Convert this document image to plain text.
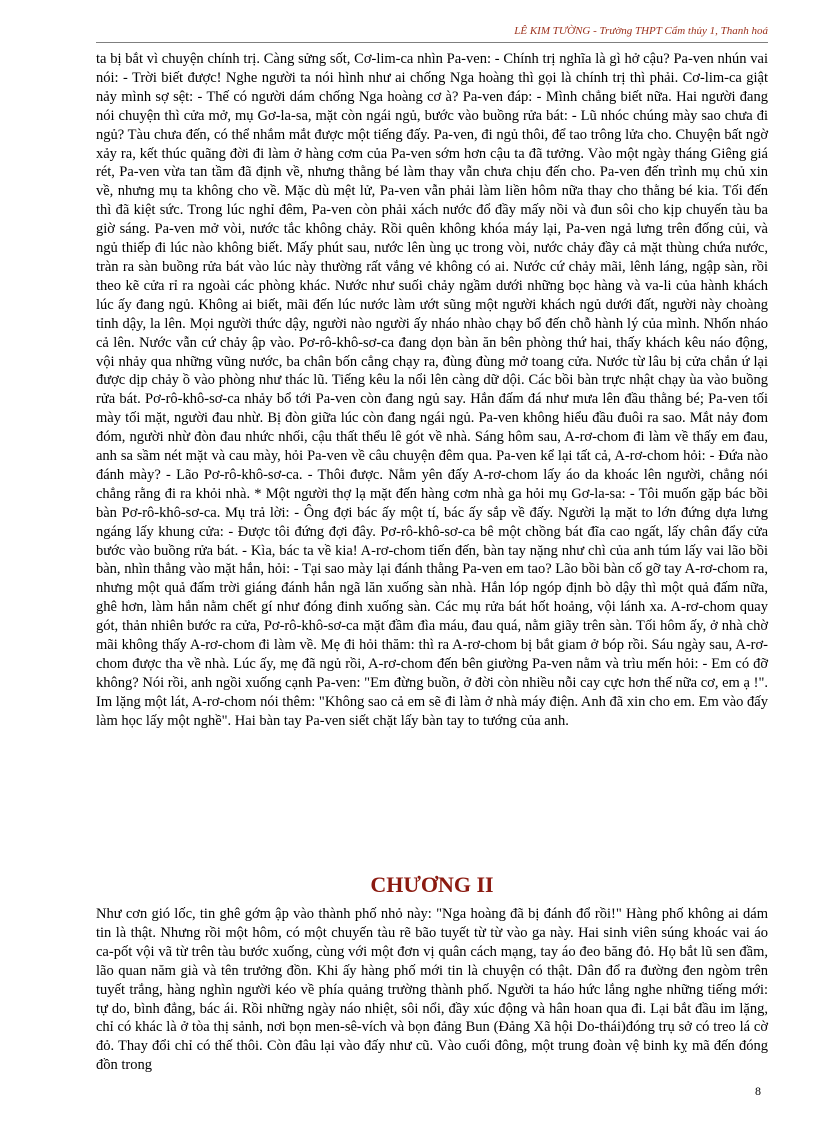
LÊ KIM TƯỜNG - Trường THPT Cẩm thủy 1, Thanh hoá

ta bị bắt vì chuyện chính trị. Càng sửng sốt, Cơ-lim-ca nhìn Pa-ven: - Chính trị nghĩa là gì hở cậu? Pa-ven nhún vai nói: - Trời biết được! Nghe người ta nói hình như ai chống Nga hoàng thì gọi là chính trị thì phải. Cơ-lim-ca giật nảy mình sợ sệt: - Thế có người dám chống Nga hoàng cơ à? Pa-ven đáp: - Mình chẳng biết nữa. Hai người đang nói chuyện thì cửa mở, mụ Gơ-la-sa, mặt còn ngái ngủ, bước vào buồng rửa bát: - Lũ nhóc chúng mày sao chưa đi ngủ? Tàu chưa đến, có thể nhắm mắt được một tiếng đấy. Pa-ven, đi ngủ thôi, để tao trông lửa cho. Chuyện bất ngờ xảy ra, kết thúc quãng đời đi làm ở hàng cơm của Pa-ven sớm hơn cậu ta đã tưởng. Vào một ngày tháng Giêng giá rét, Pa-ven vừa tan tầm đã định về, nhưng thằng bé làm thay vẫn chưa chịu đến cho. Pa-ven đến trình mụ chủ xin về, nhưng mụ ta không cho về. Mặc dù mệt lử, Pa-ven vẫn phải làm liền hôm nữa thay cho thằng bé kia. Tối đến thì đã kiệt sức. Trong lúc nghỉ đêm, Pa-ven còn phải xách nước đổ đầy mấy nồi và đun sôi cho kịp chuyến tàu ba giờ sáng. Pa-ven mở vòi, nước tắc không chảy. Rồi quên không khóa máy lại, Pa-ven ngả lưng trên đống củi, và ngủ thiếp đi lúc nào không biết. Mấy phút sau, nước lên ùng ục trong vòi, nước chảy đầy cả mặt thùng chứa nước, tràn ra sàn buồng rửa bát vào lúc này thường rất vắng vẻ không có ai. Nước cứ chảy mãi, lênh láng, ngập sàn, rồi theo kẽ cửa rỉ ra ngoài các phòng khác. Nước như suối chảy ngầm dưới những bọc hàng và va-li của hành khách lúc ấy đang ngủ. Không ai biết, mãi đến lúc nước làm ướt sũng một người khách ngủ dưới đất, người này choàng tỉnh dậy, la lên. Mọi người thức dậy, người nào người ấy nháo nhào chạy bổ đến chỗ hành lý của mình. Nhốn nháo cả lên. Nước vẫn cứ chảy ập vào. Pơ-rô-khô-sơ-ca đang dọn bàn ăn bên phòng thứ hai, thấy khách kêu náo động, vội nhảy qua những vũng nước, ba chân bốn cẳng chạy ra, đùng đùng mở toang cửa. Nước từ lâu bị cửa chắn ứ lại được dịp chảy ồ vào phòng như thác lũ. Tiếng kêu la nổi lên càng dữ dội. Các bồi bàn trực nhật chạy ùa vào buồng rửa bát. Pơ-rô-khô-sơ-ca nhảy bổ tới Pa-ven còn đang ngủ say. Hắn đấm đá như mưa lên đầu thằng bé; Pa-ven tối mày tối mặt, người đau nhừ. Bị đòn giữa lúc còn đang ngái ngủ. Pa-ven không hiểu đầu đuôi ra sao. Mắt nảy đom đóm, người nhừ đòn đau nhức nhối, cậu thất thểu lê gót về nhà. Sáng hôm sau, A-rơ-chom đi làm về thấy em đau, anh sa sầm nét mặt và cau mày, hỏi Pa-ven về câu chuyện đêm qua. Pa-ven kể lại tất cả, A-rơ-chom hỏi: - Đứa nào đánh mày? - Lão Pơ-rô-khô-sơ-ca. - Thôi được. Nằm yên đấy A-rơ-chom lấy áo da khoác lên người, chẳng nói chẳng rằng đi ra khỏi nhà. * Một người thợ lạ mặt đến hàng cơm nhà ga hỏi mụ Gơ-la-sa: - Tôi muốn gặp bác bồi bàn Pơ-rô-khô-sơ-ca. Mụ trả lời: - Ông đợi bác ấy một tí, bác ấy sắp về đấy. Người lạ mặt to lớn đứng dựa lưng ngáng lấy khung cửa: - Được tôi đứng đợi đây. Pơ-rô-khô-sơ-ca bê một chồng bát đĩa cao ngất, lấy chân đẩy cửa bước vào buồng rửa bát. - Kìa, bác ta về kia! A-rơ-chom tiến đến, bàn tay nặng như chì của anh túm lấy vai lão bồi bàn, nhìn thẳng vào mặt hắn, hỏi: - Tại sao mày lại đánh thằng Pa-ven em tao? Lão bồi bàn cố gỡ tay A-rơ-chom ra, nhưng một quả đấm trời giáng đánh hắn ngã lăn xuống sàn nhà. Hắn lóp ngóp định bò dậy thì một quả đấm nữa, ghê hơn, làm hắn nằm chết gí như đóng đinh xuống sàn. Các mụ rửa bát hốt hoảng, vội lánh xa. A-rơ-chom quay gót, thản nhiên bước ra cửa, Pơ-rô-khô-sơ-ca mặt đầm đìa máu, đau quá, nằm giãy trên sàn. Tối hôm ấy, ở nhà chờ mãi không thấy A-rơ-chom đi làm về. Mẹ đi hỏi thăm: thì ra A-rơ-chom bị bắt giam ở bóp rồi. Sáu ngày sau, A-rơ-chom được tha về nhà. Lúc ấy, mẹ đã ngủ rồi, A-rơ-chom đến bên giường Pa-ven nằm và trìu mến hỏi: - Em có đỡ không? Nói rồi, anh ngồi xuống cạnh Pa-ven: "Em đừng buồn, ở đời còn nhiều nỗi cay cực hơn thế nữa cơ, em ạ !". Im lặng một lát, A-rơ-chom nói thêm: "Không sao cả em sẽ đi làm ở nhà máy điện. Anh đã xin cho em. Em vào đấy làm học lấy một nghề". Hai bàn tay Pa-ven siết chặt lấy bàn tay to tướng của anh.

CHƯƠNG II

Như cơn gió lốc, tin ghê gớm ập vào thành phố nhỏ này: "Nga hoàng đã bị đánh đổ rồi!" Hàng phố không ai dám tin là thật. Nhưng rồi một hôm, có một chuyến tàu rẽ bão tuyết từ từ vào ga này. Hai sinh viên súng khoác vai áo ca-pốt vội vã từ trên tàu bước xuống, cùng với một đơn vị quân cách mạng, tay áo đeo băng đỏ. Họ bắt lũ sen đầm, lão quan năm già và tên trưởng đồn. Khi ấy hàng phố mới tin là chuyện có thật. Dân đổ ra đường đen ngòm trên tuyết trắng, hàng nghìn người kéo về phía quảng trường thành phố. Người ta háo hức lắng nghe những tiếng mới: tự do, bình đẳng, bác ái. Rồi những ngày náo nhiệt, sôi nổi, đầy xúc động và hân hoan qua đi. Lại bắt đầu im lặng, chỉ có khác là ở tòa thị sảnh, nơi bọn men-sê-vích và bọn đảng Bun (Đảng Xã hội Do-thái)đóng trụ sở có treo lá cờ đỏ. Thay đổi chỉ có thế thôi. Còn đâu lại vào đấy như cũ. Vào cuối đông, một trung đoàn vệ binh kỵ mã đến đóng đồn trong

8
